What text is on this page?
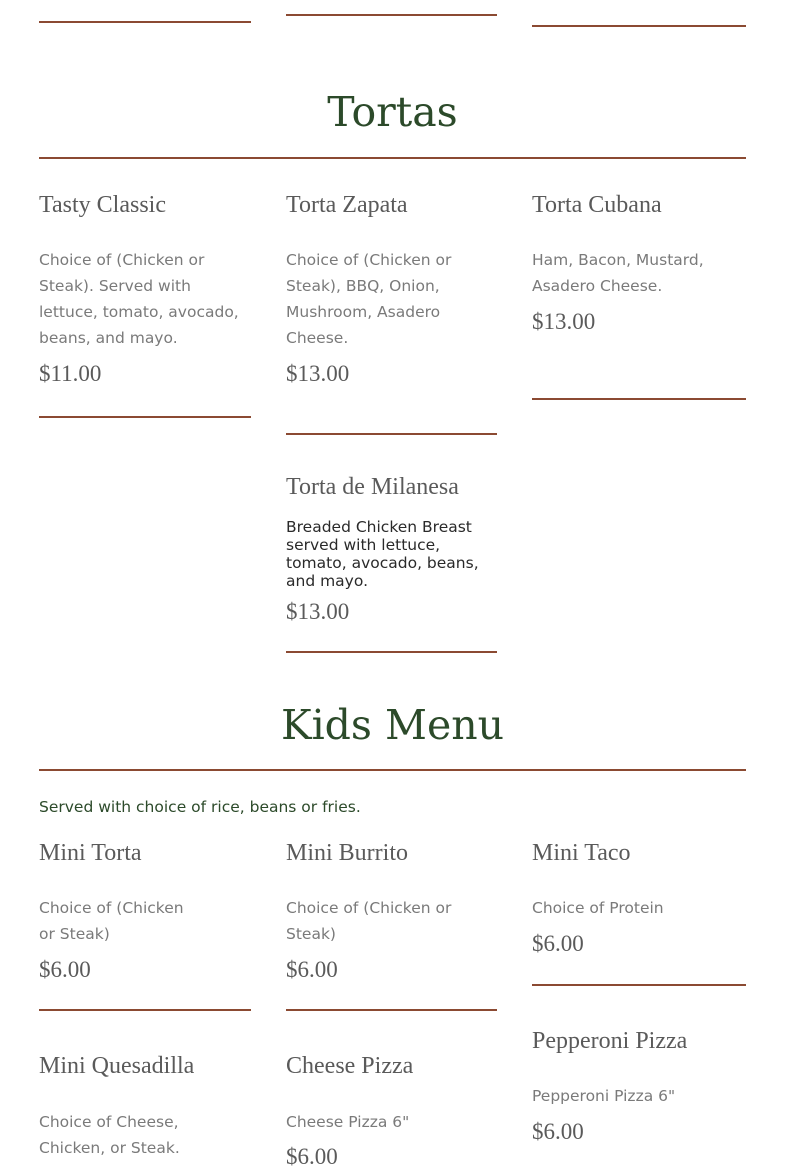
Tortas
Tasty Classic

Choice of (Chicken or Steak). Served with lettuce, tomato, avocado, beans, and mayo.

$11.00

Torta Zapata

Choice of (Chicken or Steak), BBQ, Onion, Mushroom, Asadero Cheese.

$13.00

Torta Cubana

Ham, Bacon, Mustard, Asadero Cheese.

$13.00

Torta de Milanesa

Breaded Chicken Breast served with lettuce, tomato, avocado, beans, and mayo.

$13.00

Kids Menu

Served with choice of rice, beans or fries.

Mini Torta

Choice of (Chicken or Steak)

$6.00

Mini Burrito

Choice of (Chicken or Steak)

$6.00

Mini Taco

Choice of Protein

$6.00

Mini Quesadilla

Choice of Cheese, Chicken, or Steak.

Cheese Pizza

Cheese Pizza 6"

$6.00

Pepperoni Pizza

Pepperoni Pizza 6"

$6.00
